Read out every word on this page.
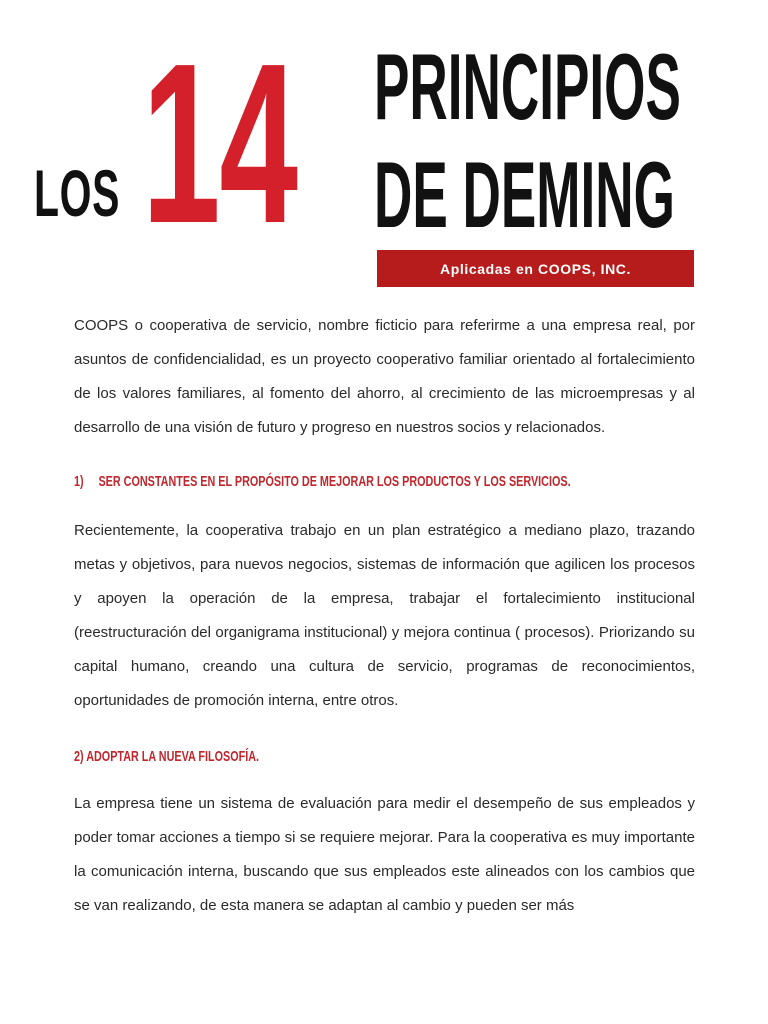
LOS 14 PRINCIPIOS
DE DEMING
Aplicadas en COOPS, INC.

COOPS o cooperativa de servicio, nombre ficticio para referirme a una empresa real, por asuntos de confidencialidad, es un proyecto cooperativo familiar orientado al fortalecimiento de los valores familiares, al fomento del ahorro, al crecimiento de las microempresas y al desarrollo de una visión de futuro y progreso en nuestros socios y relacionados.

1) SER CONSTANTES EN EL PROPÓSITO DE MEJORAR LOS PRODUCTOS Y LOS SERVICIOS.

Recientemente, la cooperativa trabajo en un plan estratégico a mediano plazo, trazando metas y objetivos, para nuevos negocios, sistemas de información que agilicen los procesos y apoyen la operación de la empresa, trabajar el fortalecimiento institucional (reestructuración del organigrama institucional) y mejora continua ( procesos). Priorizando su capital humano, creando una cultura de servicio, programas de reconocimientos, oportunidades de promoción interna, entre otros.

2) ADOPTAR LA NUEVA FILOSOFÍA.

La empresa tiene un sistema de evaluación para medir el desempeño de sus empleados y poder tomar acciones a tiempo si se requiere mejorar. Para la cooperativa es muy importante la comunicación interna, buscando que sus empleados este alineados con los cambios que se van realizando, de esta manera se adaptan al cambio y pueden ser más
